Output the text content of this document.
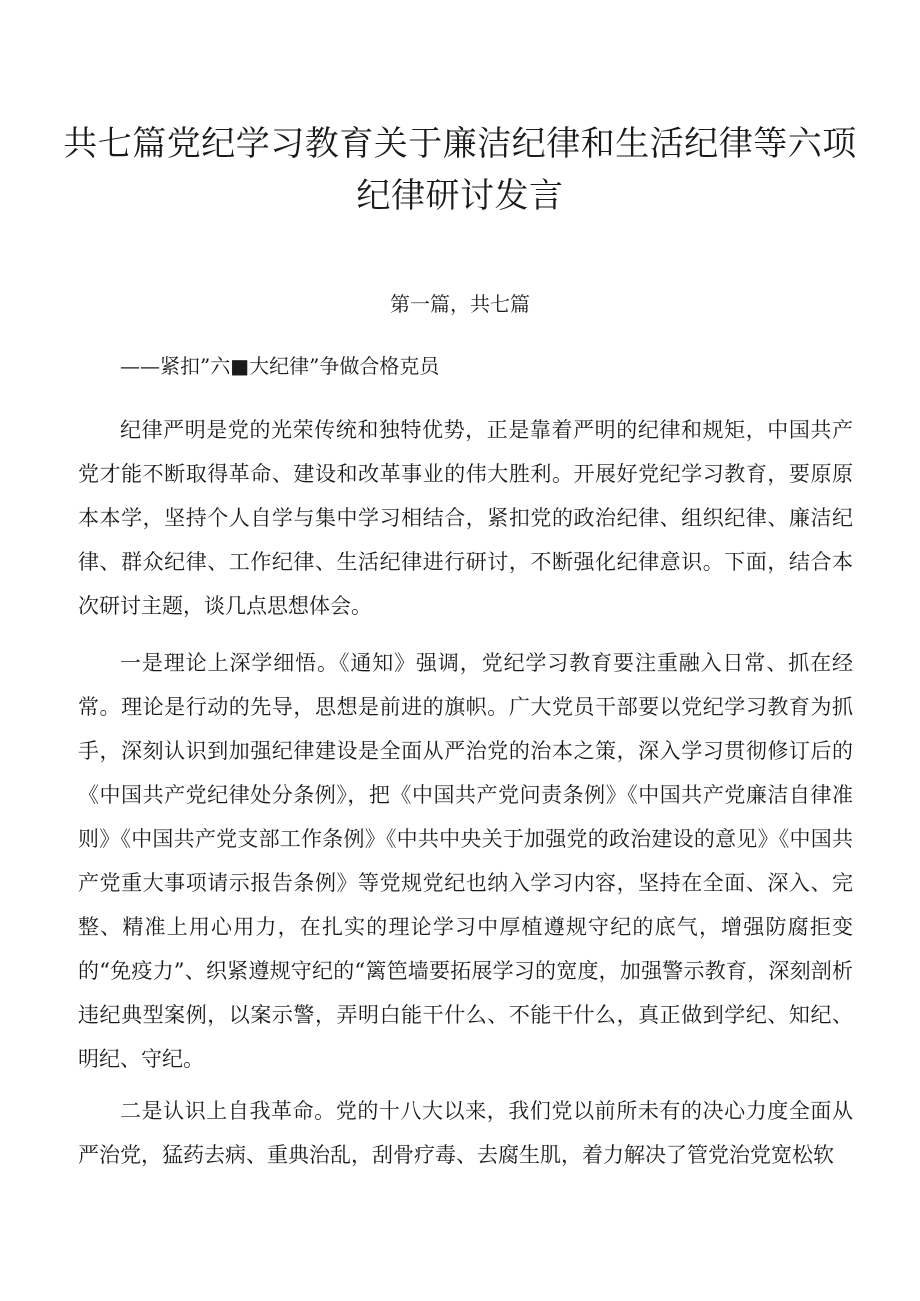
共七篇党纪学习教育关于廉洁纪律和生活纪律等六项纪律研讨发言
第一篇，共七篇

——紧扣”六■大纪律”争做合格克员

纪律严明是党的光荣传统和独特优势，正是靠着严明的纪律和规矩，中国共产党才能不断取得革命、建设和改革事业的伟大胜利。开展好党纪学习教育，要原原本本学，坚持个人自学与集中学习相结合，紧扣党的政治纪律、组织纪律、廉洁纪律、群众纪律、工作纪律、生活纪律进行研讨，不断强化纪律意识。下面，结合本次研讨主题，谈几点思想体会。

一是理论上深学细悟。《通知》强调，党纪学习教育要注重融入日常、抓在经常。理论是行动的先导，思想是前进的旗帜。广大党员干部要以党纪学习教育为抓手，深刻认识到加强纪律建设是全面从严治党的治本之策，深入学习贯彻修订后的《中国共产党纪律处分条例》，把《中国共产党问责条例》《中国共产党廉洁自律准则》《中国共产党支部工作条例》《中共中央关于加强党的政治建设的意见》《中国共产党重大事项请示报告条例》等党规党纪也纳入学习内容，坚持在全面、深入、完整、精准上用心用力，在扎实的理论学习中厚植遵规守纪的底气，增强防腐拒变的“免疫力”、织紧遵规守纪的“篱笆墙要拓展学习的宽度，加强警示教育，深刻剖析违纪典型案例，以案示警，弄明白能干什么、不能干什么，真正做到学纪、知纪、明纪、守纪。

二是认识上自我革命。党的十八大以来，我们党以前所未有的决心力度全面从严治党，猛药去病、重典治乱，刮骨疗毒、去腐生肌，着力解决了管党治党宽松软
